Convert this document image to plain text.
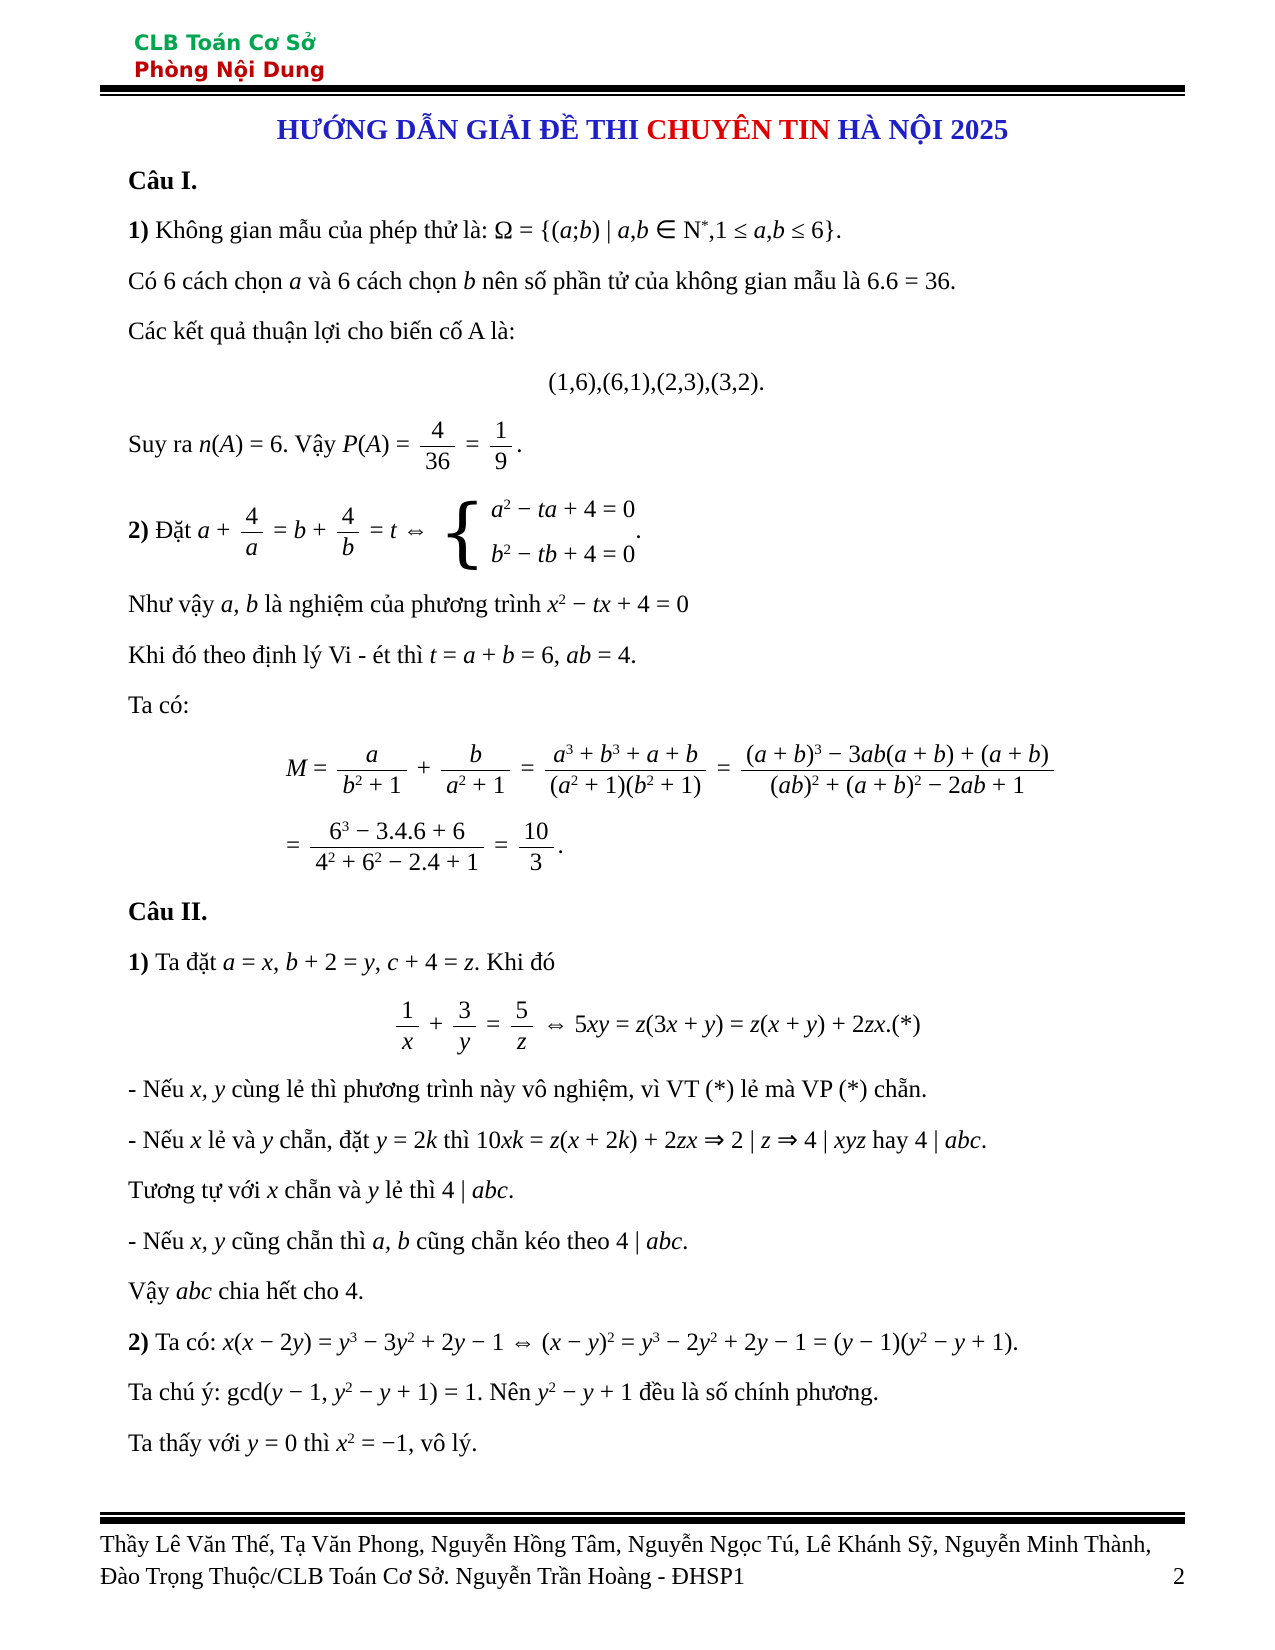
CLB Toán Cơ Sở
Phòng Nội Dung
HƯỚNG DẪN GIẢI ĐỀ THI CHUYÊN TIN HÀ NỘI 2025
Câu I.
1) Không gian mẫu của phép thử là: Ω = {(a;b) | a,b ∈ N*,1 ≤ a,b ≤ 6}.
Có 6 cách chọn a và 6 cách chọn b nên số phần tử của không gian mẫu là 6.6 = 36.
Các kết quả thuận lợi cho biến cố A là:
(1,6),(6,1),(2,3),(3,2).
Suy ra n(A) = 6. Vậy $P(A) = \frac{4}{36} = \frac{1}{9}$ .
2) Đặt $a + \frac{4}{a} = b + \frac{4}{b} = t$ ⇔ { $a^2$ − ta + 4 = 0
$b^2$ − tb + 4 = 0
.
Như vậy a, b là nghiệm của phương trình $x^2$ − tx + 4 = 0
Khi đó theo định lý Vi - ét thì t = a + b = 6, ab = 4.
Ta có:
$M = \frac{a}{b^2 + 1} + \frac{b}{a^2 + 1} = \frac{a^3 + b^3 + a + b}{(a^2 + 1)(b^2 + 1)} = \frac{(a + b)^3 - 3ab(a + b) + (a + b)}{(ab)^2 + (a + b)^2 - 2ab + 1}$
= $\frac{6^3 - 3.4.6 + 6}{4^2 + 6^2 - 2.4 + 1} = \frac{10}{3}$ .
Câu II.
1) Ta đặt a = x, b + 2 = y, c + 4 = z. Khi đó
$\frac{1}{x} + \frac{3}{y} = \frac{5}{z}$ ⇔ 5xy = z(3x + y) = z(x + y) + 2zx.(*)
- Nếu x, y cùng lẻ thì phương trình này vô nghiệm, vì VT (*) lẻ mà VP (*) chẵn.
- Nếu x lẻ và y chẵn, đặt y = 2k thì 10xk = z(x + 2k) + 2zx ⇒ 2 | z ⇒ 4 | xyz hay 4 | abc.
Tương tự với x chẵn và y lẻ thì 4 | abc.
- Nếu x, y cũng chẵn thì a, b cũng chẵn kéo theo 4 | abc.
Vậy abc chia hết cho 4.
2) Ta có: $x(x - 2y) = y^3 - 3y^2 + 2y - 1$ ⇔ $(x - y)^2 = y^3 - 2y^2 + 2y - 1 = (y - 1)(y^2 - y + 1)$.
Ta chú ý: gcd(y − 1, $y^2 - y + 1) = 1$. Nên $y^2 - y + 1$ đều là số chính phương.
Ta thấy với y = 0 thì $x^2 = -1$, vô lý.
Thầy Lê Văn Thế, Tạ Văn Phong, Nguyễn Hồng Tâm, Nguyễn Ngọc Tú, Lê Khánh Sỹ, Nguyễn Minh Thành,
Đào Trọng Thuộc/CLB Toán Cơ Sở. Nguyễn Trần Hoàng - ĐHSP1	2
